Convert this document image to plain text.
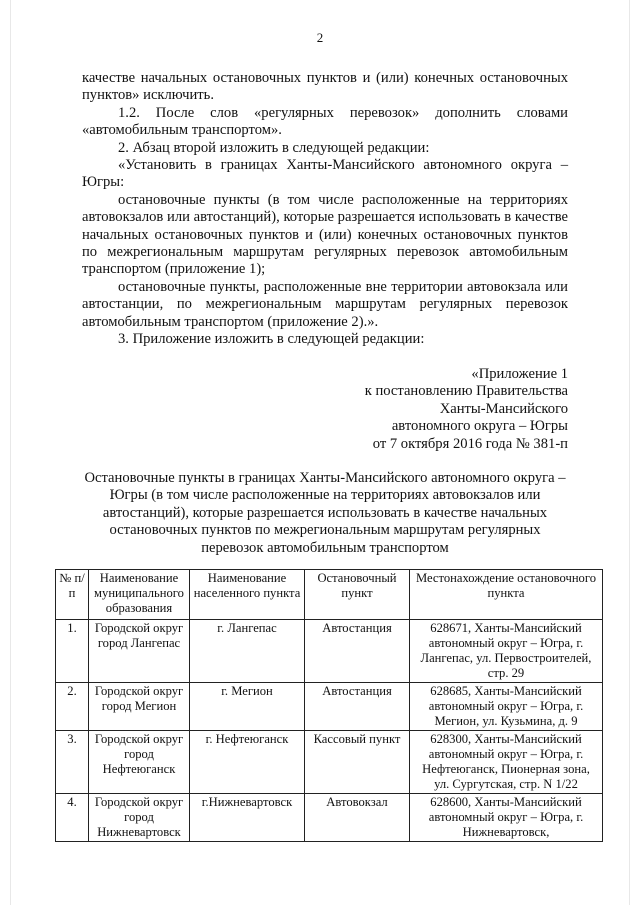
2

качестве начальных остановочных пунктов и (или) конечных остановочных пунктов» исключить.

1.2. После слов «регулярных перевозок» дополнить словами «автомобильным транспортом».

2. Абзац второй изложить в следующей редакции:

«Установить в границах Ханты-Мансийского автономного округа – Югры:

остановочные пункты (в том числе расположенные на территориях автовокзалов или автостанций), которые разрешается использовать в качестве начальных остановочных пунктов и (или) конечных остановочных пунктов по межрегиональным маршрутам регулярных перевозок автомобильным транспортом (приложение 1);

остановочные пункты, расположенные вне территории автовокзала или автостанции, по межрегиональным маршрутам регулярных перевозок автомобильным транспортом (приложение 2).».

3. Приложение изложить в следующей редакции:

«Приложение 1
к постановлению Правительства
Ханты-Мансийского
автономного округа – Югры
от 7 октября 2016 года № 381-п
Остановочные пункты в границах Ханты-Мансийского автономного округа – Югры (в том числе расположенные на территориях автовокзалов или автостанций), которые разрешается использовать в качестве начальных остановочных пунктов по межрегиональным маршрутам регулярных перевозок автомобильным транспортом
№ п/п	Наименование муниципального образования	Наименование населенного пункта	Остановочный пункт	Местонахождение остановочного пункта
1.	Городской округ город Лангепас	г. Лангепас	Автостанция	628671, Ханты-Мансийский автономный округ – Югра, г. Лангепас, ул. Первостроителей, стр. 29
2.	Городской округ город Мегион	г. Мегион	Автостанция	628685, Ханты-Мансийский автономный округ – Югра, г. Мегион, ул. Кузьмина, д. 9
3.	Городской округ город Нефтеюганск	г. Нефтеюганск	Кассовый пункт	628300, Ханты-Мансийский автономный округ – Югра, г. Нефтеюганск, Пионерная зона, ул. Сургутская, стр. N 1/22
4.	Городской округ город Нижневартовск	г.Нижневартовск	Автовокзал	628600, Ханты-Мансийский автономный округ – Югра, г. Нижневартовск,
